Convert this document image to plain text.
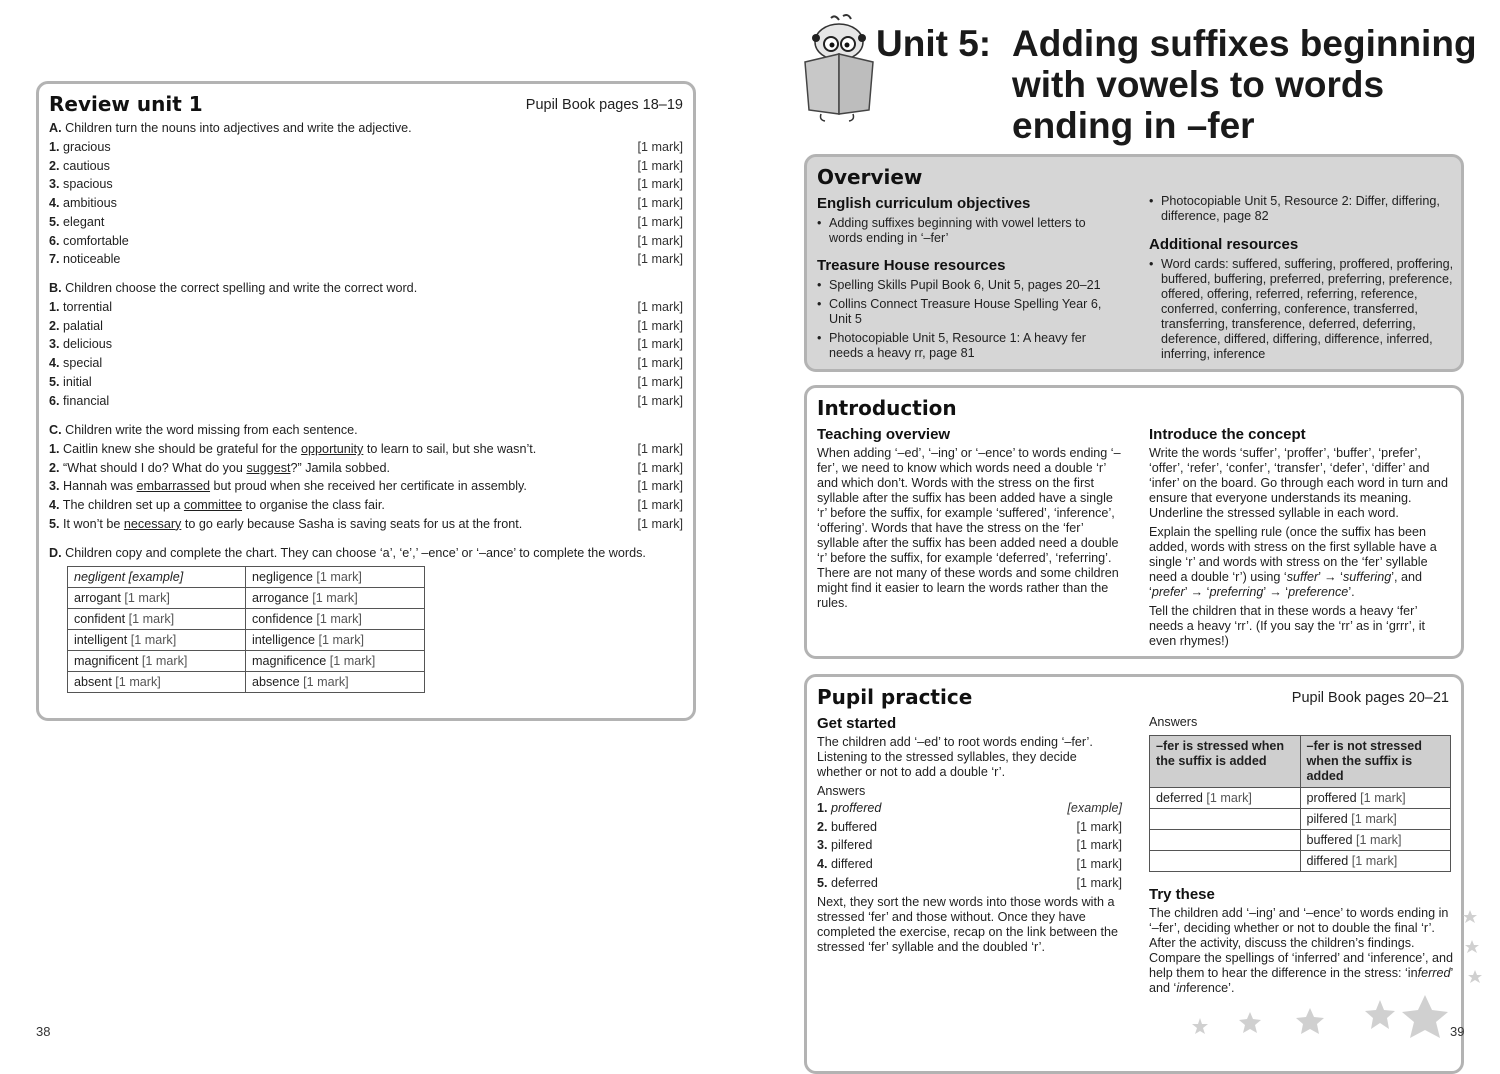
Review unit 1	Pupil Book pages 18–19
A. Children turn the nouns into adjectives and write the adjective.
1. gracious	[1 mark]
2. cautious	[1 mark]
3. spacious	[1 mark]
4. ambitious	[1 mark]
5. elegant	[1 mark]
6. comfortable	[1 mark]
7. noticeable	[1 mark]
B. Children choose the correct spelling and write the correct word.
1. torrential	[1 mark]
2. palatial	[1 mark]
3. delicious	[1 mark]
4. special	[1 mark]
5. initial	[1 mark]
6. financial	[1 mark]
C. Children write the word missing from each sentence.
1. Caitlin knew she should be grateful for the opportunity to learn to sail, but she wasn’t.	[1 mark]
2. “What should I do? What do you suggest?” Jamila sobbed.	[1 mark]
3. Hannah was embarrassed but proud when she received her certificate in assembly.	[1 mark]
4. The children set up a committee to organise the class fair.	[1 mark]
5. It won’t be necessary to go early because Sasha is saving seats for us at the front.	[1 mark]
D. Children copy and complete the chart. They can choose ‘a’, ‘e’,’ –ence’ or ‘–ance’ to complete the words.
negligent [example]	negligence [1 mark]
arrogant [1 mark]	arrogance [1 mark]
confident [1 mark]	confidence [1 mark]
intelligent [1 mark]	intelligence [1 mark]
magnificent [1 mark]	magnificence [1 mark]
absent [1 mark]	absence [1 mark]
38
Unit 5: Adding suffixes beginning
with vowels to words
ending in –fer
Overview
English curriculum objectives
• Adding suffixes beginning with vowel letters to words ending in ‘–fer’
Treasure House resources
• Spelling Skills Pupil Book 6, Unit 5, pages 20–21
• Collins Connect Treasure House Spelling Year 6, Unit 5
• Photocopiable Unit 5, Resource 1: A heavy fer needs a heavy rr, page 81
• Photocopiable Unit 5, Resource 2: Differ, differing, difference, page 82
Additional resources
• Word cards: suffered, suffering, proffered, proffering, buffered, buffering, preferred, preferring, preference, offered, offering, referred, referring, reference, conferred, conferring, conference, transferred, transferring, transference, deferred, deferring, deference, differed, differing, difference, inferred, inferring, inference
Introduction
Teaching overview
When adding ‘–ed’, ‘–ing’ or ‘–ence’ to words ending ‘–fer’, we need to know which words need a double ‘r’ and which don’t. Words with the stress on the first syllable after the suffix has been added have a single ‘r’ before the suffix, for example ‘suffered’, ‘inference’, ‘offering’. Words that have the stress on the ‘fer’ syllable after the suffix has been added need a double ‘r’ before the suffix, for example ‘deferred’, ‘referring’. There are not many of these words and some children might find it easier to learn the words rather than the rules.
Introduce the concept
Write the words ‘suffer’, ‘proffer’, ‘buffer’, ‘prefer’, ‘offer’, ‘refer’, ‘confer’, ‘transfer’, ‘defer’, ‘differ’ and ‘infer’ on the board. Go through each word in turn and ensure that everyone understands its meaning. Underline the stressed syllable in each word.
Explain the spelling rule (once the suffix has been added, words with stress on the first syllable have a single ‘r’ and words with stress on the ‘fer’ syllable need a double ‘r’) using ‘suffer’ → ‘suffering’, and ‘prefer’ → ‘preferring’ → ‘preference’.
Tell the children that in these words a heavy ‘fer’ needs a heavy ‘rr’. (If you say the ‘rr’ as in ‘grrr’, it even rhymes!)
Pupil practice	Pupil Book pages 20–21
Get started
The children add ‘–ed’ to root words ending ‘–fer’. Listening to the stressed syllables, they decide whether or not to add a double ‘r’.
Answers
1. proffered	[example]
2. buffered	[1 mark]
3. pilfered	[1 mark]
4. differed	[1 mark]
5. deferred	[1 mark]
Next, they sort the new words into those words with a stressed ‘fer’ and those without. Once they have completed the exercise, recap on the link between the stressed ‘fer’ syllable and the doubled ‘r’.
Answers
–fer is stressed when the suffix is added	–fer is not stressed when the suffix is added
deferred [1 mark]	proffered [1 mark]
	pilfered [1 mark]
	buffered [1 mark]
	differed [1 mark]
Try these
The children add ‘–ing’ and ‘–ence’ to words ending in ‘–fer’, deciding whether or not to double the final ‘r’. After the activity, discuss the children’s findings. Compare the spellings of ‘inferred’ and ‘inference’, and help them to hear the difference in the stress: ‘inferred’ and ‘inference’.
39
